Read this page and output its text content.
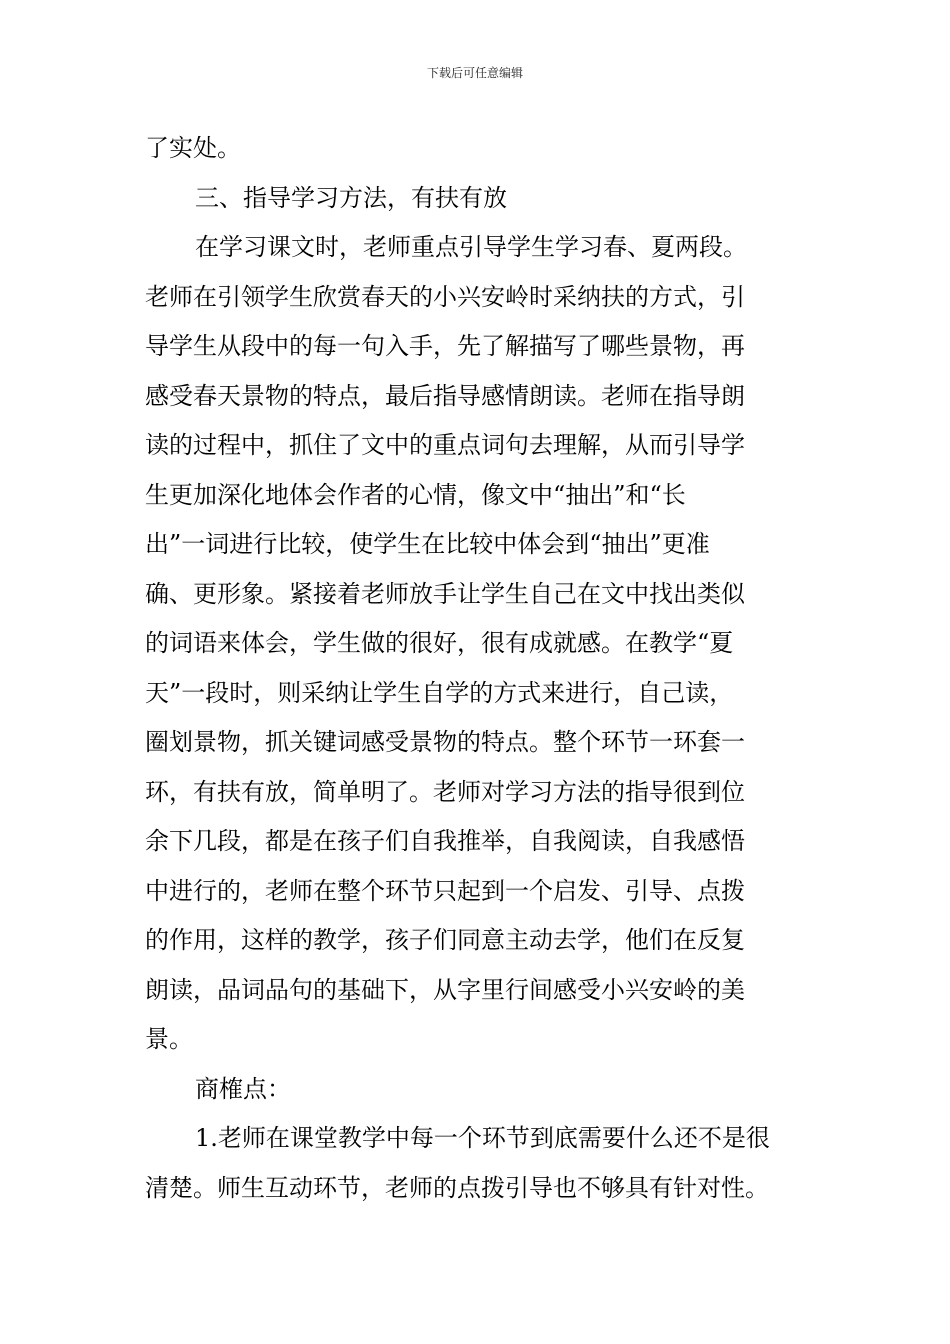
下载后可任意编辑
了实处。
三、指导学习方法，有扶有放
在学习课文时，老师重点引导学生学习春、夏两段。
老师在引领学生欣赏春天的小兴安岭时采纳扶的方式，引
导学生从段中的每一句入手，先了解描写了哪些景物，再
感受春天景物的特点，最后指导感情朗读。老师在指导朗
读的过程中，抓住了文中的重点词句去理解，从而引导学
生更加深化地体会作者的心情，像文中“抽出”和“长
出”一词进行比较，使学生在比较中体会到“抽出”更准
确、更形象。紧接着老师放手让学生自己在文中找出类似
的词语来体会，学生做的很好，很有成就感。在教学“夏
天”一段时，则采纳让学生自学的方式来进行，自己读，
圈划景物，抓关键词感受景物的特点。整个环节一环套一
环，有扶有放，简单明了。老师对学习方法的指导很到位
余下几段，都是在孩子们自我推举，自我阅读，自我感悟
中进行的，老师在整个环节只起到一个启发、引导、点拨
的作用，这样的教学，孩子们同意主动去学，他们在反复
朗读，品词品句的基础下，从字里行间感受小兴安岭的美
景。
商榷点：
1.老师在课堂教学中每一个环节到底需要什么还不是很
清楚。师生互动环节，老师的点拨引导也不够具有针对性。
